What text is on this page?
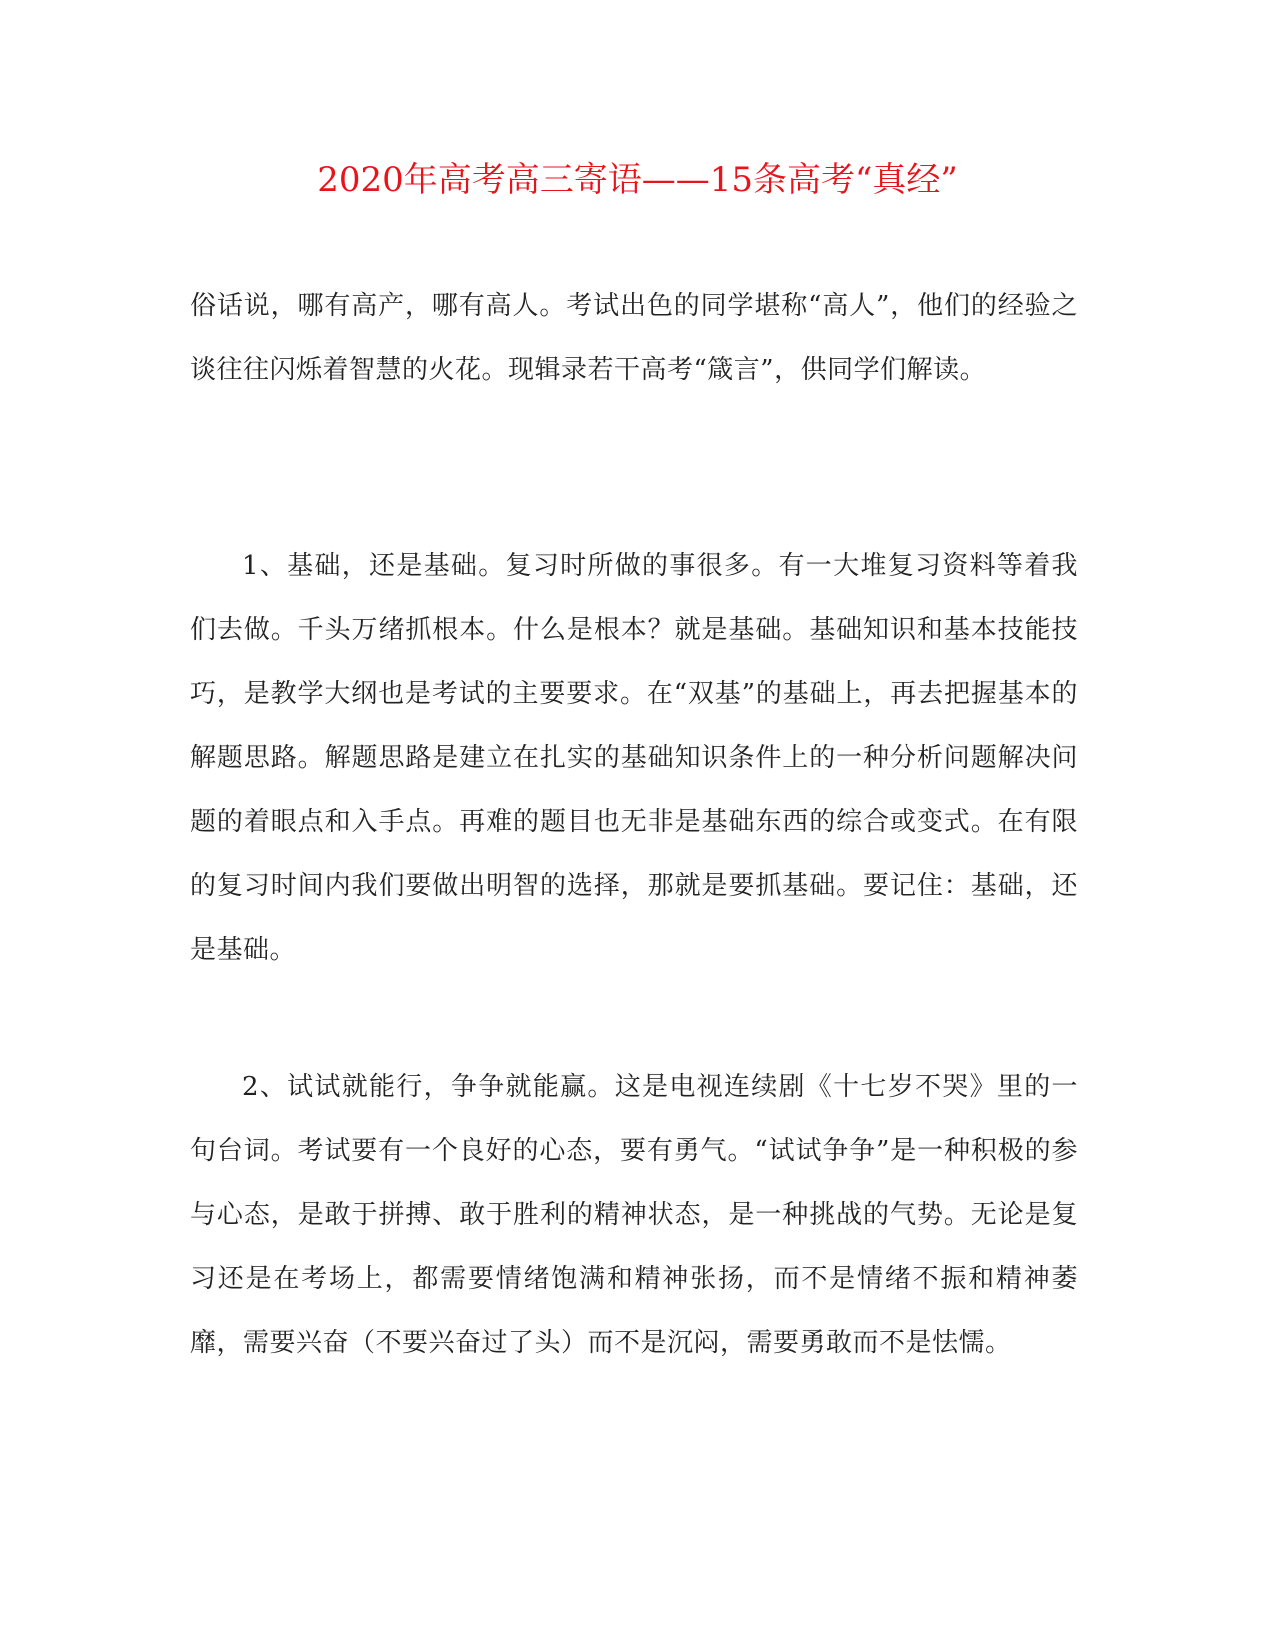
2020年高考高三寄语——15条高考“真经”

俗话说，哪有高产，哪有高人。考试出色的同学堪称“高人”，他们的经验之谈往往闪烁着智慧的火花。现辑录若干高考“箴言”，供同学们解读。

1、基础，还是基础。复习时所做的事很多。有一大堆复习资料等着我们去做。千头万绪抓根本。什么是根本？就是基础。基础知识和基本技能技巧，是教学大纲也是考试的主要要求。在“双基”的基础上，再去把握基本的解题思路。解题思路是建立在扎实的基础知识条件上的一种分析问题解决问题的着眼点和入手点。再难的题目也无非是基础东西的综合或变式。在有限的复习时间内我们要做出明智的选择，那就是要抓基础。要记住：基础，还是基础。

2、试试就能行，争争就能赢。这是电视连续剧《十七岁不哭》里的一句台词。考试要有一个良好的心态，要有勇气。“试试争争”是一种积极的参与心态，是敢于拼搏、敢于胜利的精神状态，是一种挑战的气势。无论是复习还是在考场上，都需要情绪饱满和精神张扬，而不是情绪不振和精神萎靡，需要兴奋（不要兴奋过了头）而不是沉闷，需要勇敢而不是怯懦。
